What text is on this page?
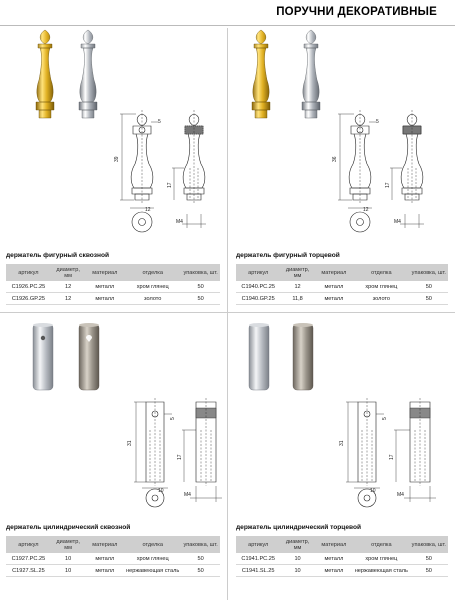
ПОРУЧНИ ДЕКОРАТИВНЫЕ
5
39
17
12
M4
держатель фигурный сквозной
артикул	диаметр, мм	материал	отделка	упаковка, шт.
C1926.PC.25	12	металл	хром глянец	50
C1926.GP.25	12	металл	золото	50
5
36
17
12
M4
держатель фигурный торцевой
артикул	диаметр, мм	материал	отделка	упаковка, шт.
C1940.PC.25	12	металл	хром глянец	50
C1940.GP.25	11,8	металл	золото	50
5
31
17
10
M4
держатель цилиндрический сквозной
артикул	диаметр, мм	материал	отделка	упаковка, шт.
C1927.PC.25	10	металл	хром глянец	50
C1927.SL.25	10	металл	нержавеющая сталь	50
5
31
17
10
M4
держатель цилиндрический торцевой
артикул	диаметр, мм	материал	отделка	упаковка, шт.
C1941.PC.25	10	металл	хром глянец	50
C1941.SL.25	10	металл	нержавеющая сталь	50
